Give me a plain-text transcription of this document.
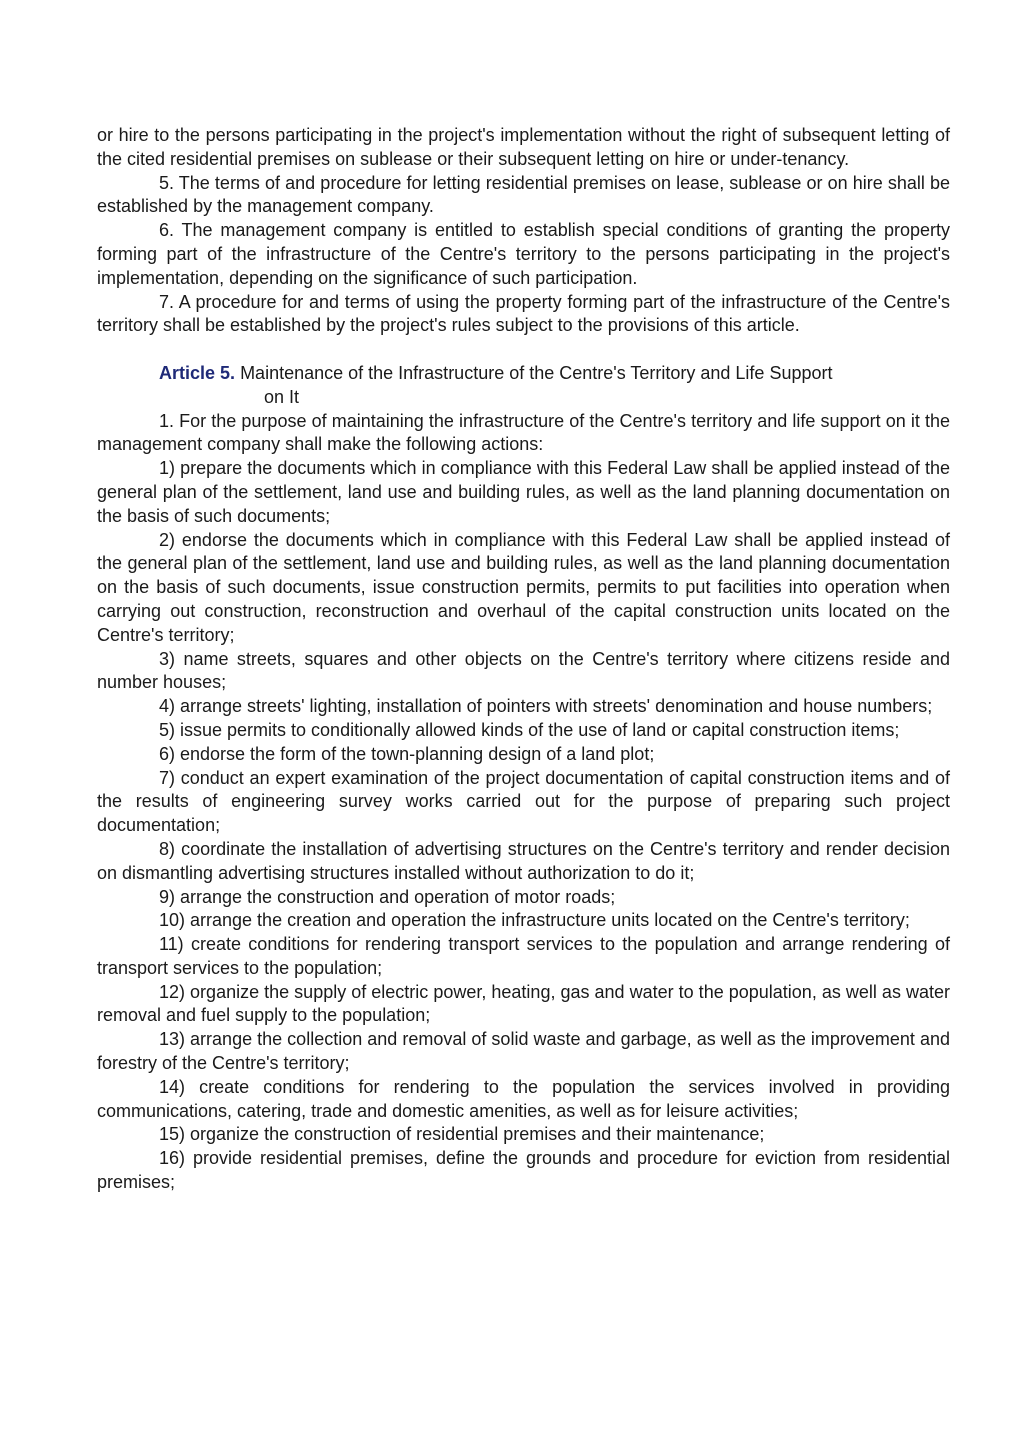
or hire to the persons participating in the project's implementation without the right of subsequent letting of the cited residential premises on sublease or their subsequent letting on hire or under-tenancy.

5. The terms of and procedure for letting residential premises on lease, sublease or on hire shall be established by the management company.

6. The management company is entitled to establish special conditions of granting the property forming part of the infrastructure of the Centre's territory to the persons participating in the project's implementation, depending on the significance of such participation.

7. A procedure for and terms of using the property forming part of the infrastructure of the Centre's territory shall be established by the project's rules subject to the provisions of this article.

Article 5. Maintenance of the Infrastructure of the Centre's Territory and Life Support

on It

1. For the purpose of maintaining the infrastructure of the Centre's territory and life support on it the management company shall make the following actions:

1) prepare the documents which in compliance with this Federal Law shall be applied instead of the general plan of the settlement, land use and building rules, as well as the land planning documentation on the basis of such documents;

2) endorse the documents which in compliance with this Federal Law shall be applied instead of the general plan of the settlement, land use and building rules, as well as the land planning documentation on the basis of such documents, issue construction permits, permits to put facilities into operation when carrying out construction, reconstruction and overhaul of the capital construction units located on the Centre's territory;

3) name streets, squares and other objects on the Centre's territory where citizens reside and number houses;

4) arrange streets' lighting, installation of pointers with streets' denomination and house numbers;

5) issue permits to conditionally allowed kinds of the use of land or capital construction items;

6) endorse the form of the town-planning design of a land plot;

7) conduct an expert examination of the project documentation of capital construction items and of the results of engineering survey works carried out for the purpose of preparing such project documentation;

8) coordinate the installation of advertising structures on the Centre's territory and render decision on dismantling advertising structures installed without authorization to do it;

9) arrange the construction and operation of motor roads;

10) arrange the creation and operation the infrastructure units located on the Centre's territory;

11) create conditions for rendering transport services to the population and arrange rendering of transport services to the population;

12) organize the supply of electric power, heating, gas and water to the population, as well as water removal and fuel supply to the population;

13) arrange the collection and removal of solid waste and garbage, as well as the improvement and forestry of the Centre's territory;

14) create conditions for rendering to the population the services involved in providing communications, catering, trade and domestic amenities, as well as for leisure activities;

15) organize the construction of residential premises and their maintenance;

16) provide residential premises, define the grounds and procedure for eviction from residential premises;
